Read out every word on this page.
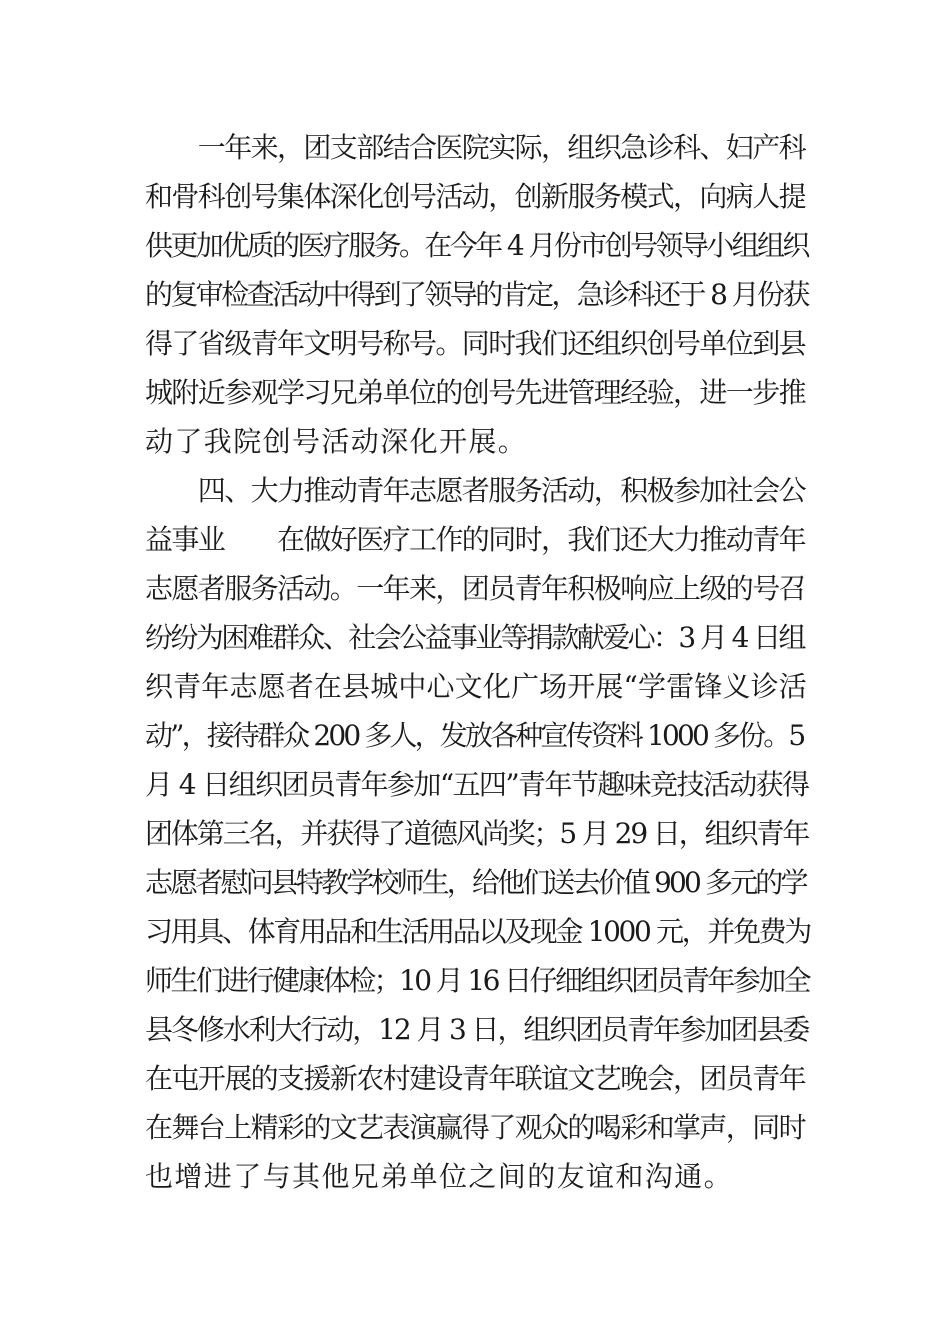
　　一年来，团支部结合医院实际，组织急诊科、妇产科
和骨科创号集体深化创号活动，创新服务模式，向病人提
供更加优质的医疗服务。在今年 4 月份市创号领导小组组织
的复审检查活动中得到了领导的肯定，急诊科还于 8 月份获
得了省级青年文明号称号。同时我们还组织创号单位到县
城附近参观学习兄弟单位的创号先进管理经验，进一步推
动了我院创号活动深化开展。
　　四、大力推动青年志愿者服务活动，积极参加社会公
益事业　　在做好医疗工作的同时，我们还大力推动青年
志愿者服务活动。一年来，团员青年积极响应上级的号召
纷纷为困难群众、社会公益事业等捐款献爱心：3 月 4 日组
织青年志愿者在县城中心文化广场开展“学雷锋义诊活
动”，接待群众 200 多人，发放各种宣传资料 1000 多份。5
月 4 日组织团员青年参加“五四”青年节趣味竞技活动获得
团体第三名，并获得了道德风尚奖；5 月 29 日，组织青年
志愿者慰问县特教学校师生，给他们送去价值 900 多元的学
习用具、体育用品和生活用品以及现金 1000 元，并免费为
师生们进行健康体检；10 月 16 日仔细组织团员青年参加全
县冬修水利大行动，12 月 3 日，组织团员青年参加团县委
在屯开展的支援新农村建设青年联谊文艺晚会，团员青年
在舞台上精彩的文艺表演赢得了观众的喝彩和掌声，同时
也增进了与其他兄弟单位之间的友谊和沟通。
